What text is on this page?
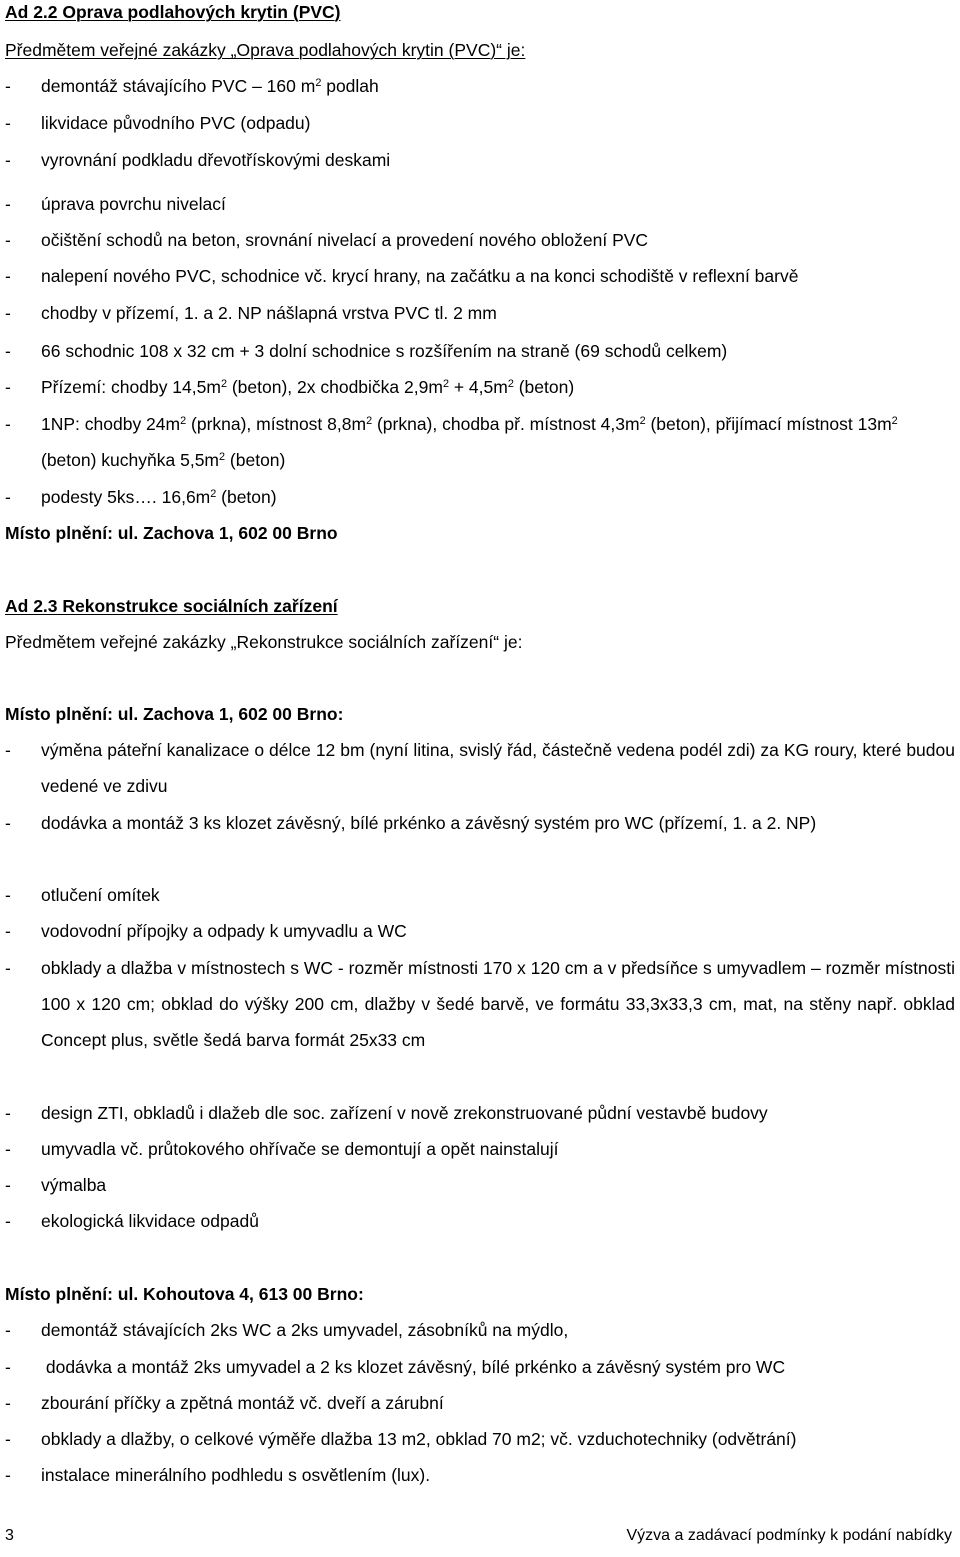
Ad 2.2 Oprava podlahových krytin (PVC)
Předmětem veřejné zakázky „Oprava podlahových krytin (PVC)“ je:
- demontáž stávajícího PVC – 160 $m^2$ podlah
- likvidace původního PVC (odpadu)
- vyrovnání podkladu dřevotřískovými deskami
- úprava povrchu nivelací
- očištění schodů na beton, srovnání nivelací a provedení nového obložení PVC
- nalepení nového PVC, schodnice vč. krycí hrany, na začátku a na konci schodiště v reflexní barvě
- chodby v přízemí, 1. a 2. NP nášlapná vrstva PVC tl. 2 mm
- 66 schodnic 108 x 32 cm + 3 dolní schodnice s rozšířením na straně (69 schodů celkem)
- Přízemí: chodby $14,5m^2$ (beton), 2x chodbička $2,9m^2 + 4,5m^2$ (beton)
- 1NP: chodby $24m^2$ (prkna), místnost $8,8m^2$ (prkna), chodba př. místnost $4,3m^2$ (beton), přijímací místnost $13m^2$ (beton) kuchyňka $5,5m^2$ (beton)
- podesty 5ks…. $16,6m^2$ (beton)
Místo plnění: ul. Zachova 1, 602 00 Brno
Ad 2.3 Rekonstrukce sociálních zařízení
Předmětem veřejné zakázky „Rekonstrukce sociálních zařízení“ je:
Místo plnění: ul. Zachova 1, 602 00 Brno:
- výměna páteřní kanalizace o délce 12 bm (nyní litina, svislý řád, částečně vedena podél zdi) za KG roury, které budou vedené ve zdivu
- dodávka a montáž 3 ks klozet závěsný, bílé prkénko a závěsný systém pro WC (přízemí, 1. a 2. NP)
- otlučení omítek
- vodovodní přípojky a odpady k umyvadlu a WC
- obklady a dlažba v místnostech s WC - rozměr místnosti 170 x 120 cm a v předsíňce s umyvadlem – rozměr místnosti 100 x 120 cm; obklad do výšky 200 cm, dlažby v šedé barvě, ve formátu 33,3x33,3 cm, mat, na stěny např. obklad Concept plus, světle šedá barva formát 25x33 cm
- design ZTI, obkladů i dlažeb dle soc. zařízení v nově zrekonstruované půdní vestavbě budovy
- umyvadla vč. průtokového ohřívače se demontují a opět nainstalují
- výmalba
- ekologická likvidace odpadů
Místo plnění: ul. Kohoutova 4, 613 00 Brno:
- demontáž stávajících 2ks WC a 2ks umyvadel, zásobníků na mýdlo,
- dodávka a montáž 2ks umyvadel a 2 ks klozet závěsný, bílé prkénko a závěsný systém pro WC
- zbourání příčky a zpětná montáž vč. dveří a zárubní
- obklady a dlažby, o celkové výměře dlažba 13 m2, obklad 70 m2; vč. vzduchotechniky (odvětrání)
- instalace minerálního podhledu s osvětlením (lux).
3	Výzva a zadávací podmínky k podání nabídky
